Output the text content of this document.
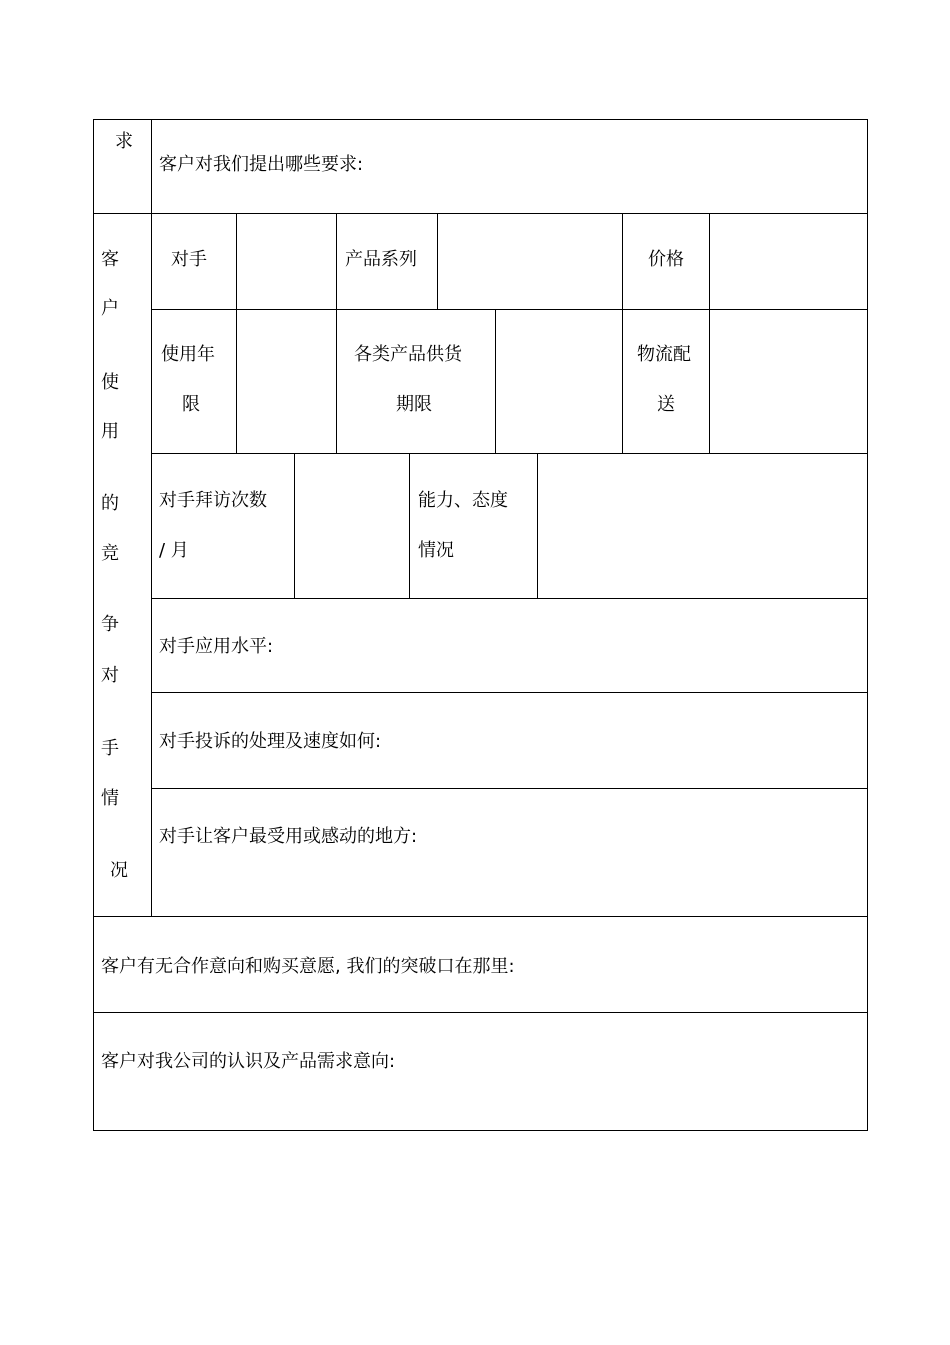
求
客户对我们提出哪些要求:
客
户
使
用
的
竞
争
对
手
情
况
对手	产品系列	价格
使用年
限
各类产品供货
期限
物流配
送
对手拜访次数
/ 月
能力、态度
情况
对手应用水平:
对手投诉的处理及速度如何:
对手让客户最受用或感动的地方:
客户有无合作意向和购买意愿, 我们的突破口在那里:
客户对我公司的认识及产品需求意向:
